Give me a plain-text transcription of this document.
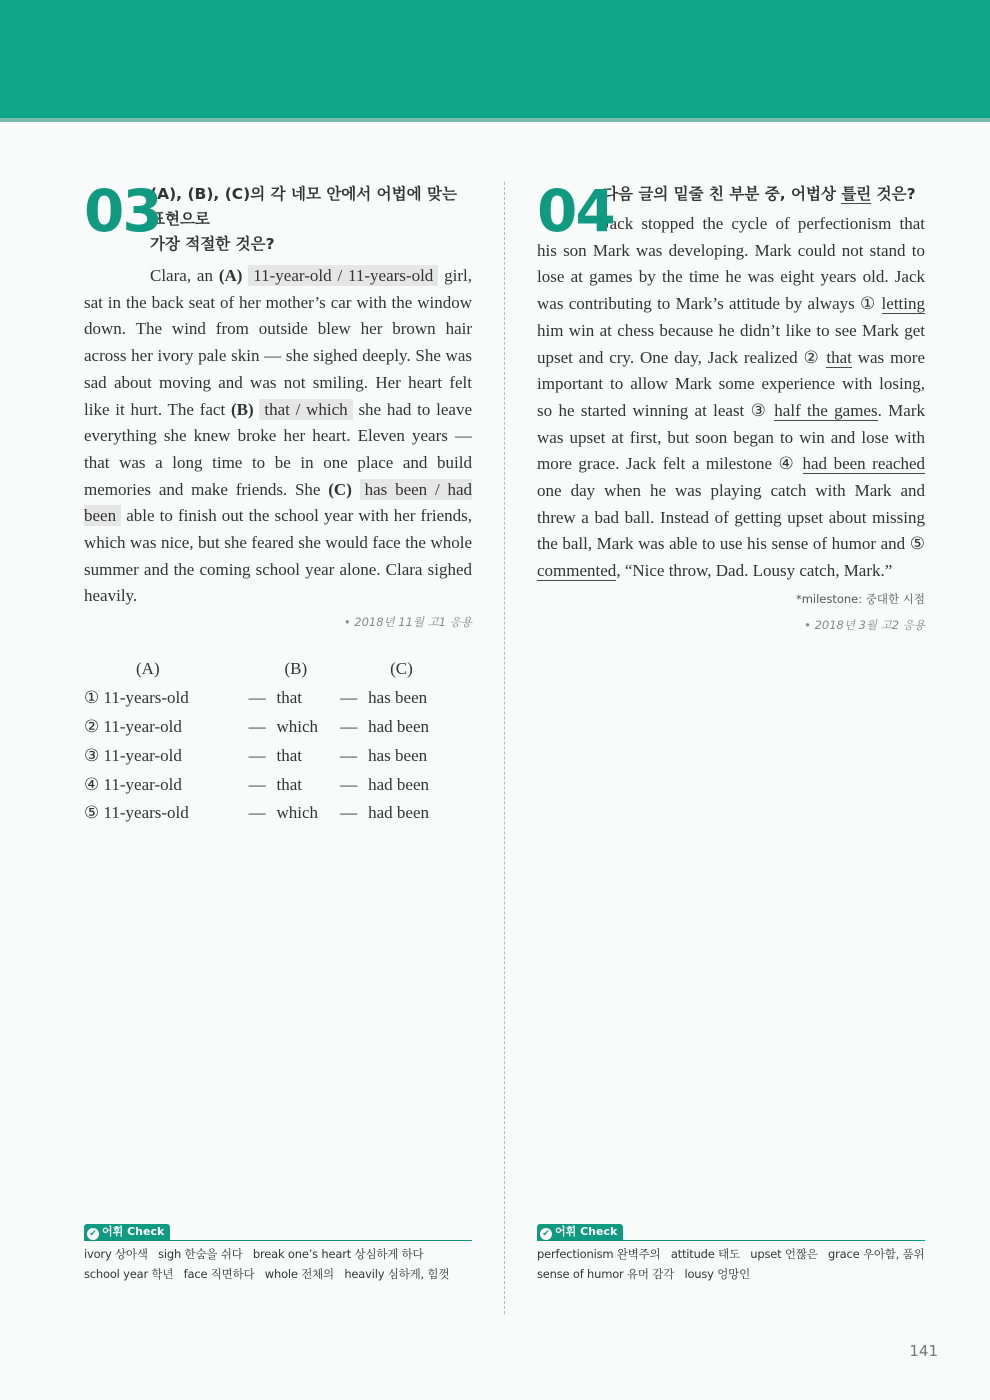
03
(A), (B), (C)의 각 네모 안에서 어법에 맞는 표현으로
가장 적절한 것은?

Clara, an (A) 11-year-old / 11-years-old girl, sat in the back seat of her mother’s car with the window down. The wind from outside blew her brown hair across her ivory pale skin — she sighed deeply. She was sad about moving and was not smiling. Her heart felt like it hurt. The fact (B) that / which she had to leave everything she knew broke her heart. Eleven years — that was a long time to be in one place and build memories and make friends. She (C) has been / had been able to finish out the school year with her friends, which was nice, but she feared she would face the whole summer and the coming school year alone. Clara sighed heavily.

• 2018년 11월 고1 응용
(A)		(B)		(C)
① 11-years-old	—	that	—	has been
② 11-year-old	—	which	—	had been
③ 11-year-old	—	that	—	has been
④ 11-year-old	—	that	—	had been
⑤ 11-years-old	—	which	—	had been
04
다음 글의 밑줄 친 부분 중, 어법상 틀린 것은?

Jack stopped the cycle of perfectionism that his son Mark was developing. Mark could not stand to lose at games by the time he was eight years old. Jack was contributing to Mark’s attitude by always ① letting him win at chess because he didn’t like to see Mark get upset and cry. One day, Jack realized ② that was more important to allow Mark some experience with losing, so he started winning at least ③ half the games. Mark was upset at first, but soon began to win and lose with more grace. Jack felt a milestone ④ had been reached one day when he was playing catch with Mark and threw a bad ball. Instead of getting upset about missing the ball, Mark was able to use his sense of humor and ⑤ commented, “Nice throw, Dad. Lousy catch, Mark.”

*milestone: 중대한 시점
• 2018년 3월 고2 응용
✔ 어휘 Check
ivory 상아색   sigh 한숨을 쉬다   break one’s heart 상심하게 하다
school year 학년   face 직면하다   whole 전체의   heavily 심하게, 힘껏
✔ 어휘 Check
perfectionism 완벽주의   attitude 태도   upset 언짢은   grace 우아함, 품위
sense of humor 유머 감각   lousy 엉망인
141
